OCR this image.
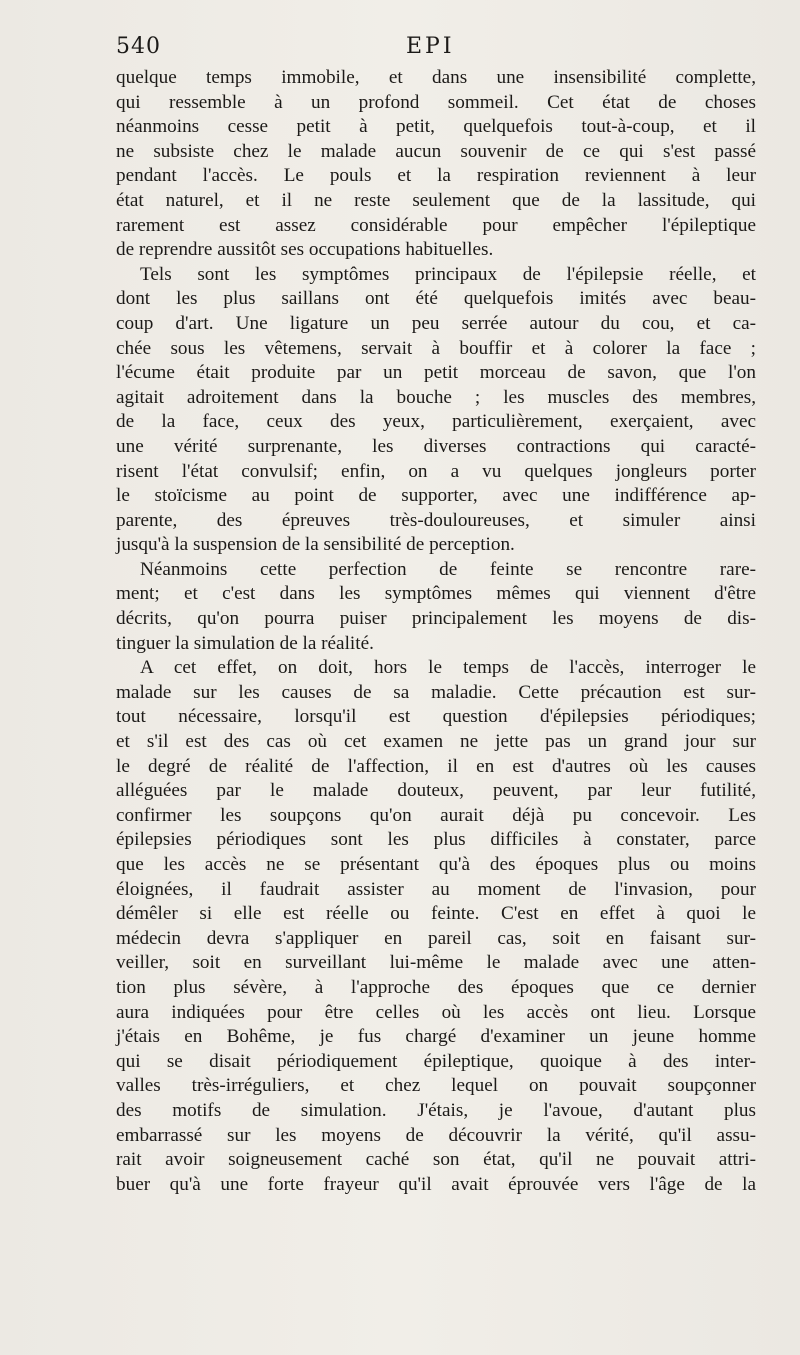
540	EPI
quelque temps immobile, et dans une insensibilité complette,
qui ressemble à un profond sommeil. Cet état de choses
néanmoins cesse petit à petit, quelquefois tout-à-coup, et il
ne subsiste chez le malade aucun souvenir de ce qui s'est passé
pendant l'accès. Le pouls et la respiration reviennent à leur
état naturel, et il ne reste seulement que de la lassitude, qui
rarement est assez considérable pour empêcher l'épileptique
de reprendre aussitôt ses occupations habituelles.
Tels sont les symptômes principaux de l'épilepsie réelle, et
dont les plus saillans ont été quelquefois imités avec beau-
coup d'art. Une ligature un peu serrée autour du cou, et ca-
chée sous les vêtemens, servait à bouffir et à colorer la face ;
l'écume était produite par un petit morceau de savon, que l'on
agitait adroitement dans la bouche ; les muscles des membres,
de la face, ceux des yeux, particulièrement, exerçaient, avec
une vérité surprenante, les diverses contractions qui caracté-
risent l'état convulsif; enfin, on a vu quelques jongleurs porter
le stoïcisme au point de supporter, avec une indifférence ap-
parente, des épreuves très-douloureuses, et simuler ainsi
jusqu'à la suspension de la sensibilité de perception.
Néanmoins cette perfection de feinte se rencontre rare-
ment; et c'est dans les symptômes mêmes qui viennent d'être
décrits, qu'on pourra puiser principalement les moyens de dis-
tinguer la simulation de la réalité.
A cet effet, on doit, hors le temps de l'accès, interroger le
malade sur les causes de sa maladie. Cette précaution est sur-
tout nécessaire, lorsqu'il est question d'épilepsies périodiques;
et s'il est des cas où cet examen ne jette pas un grand jour sur
le degré de réalité de l'affection, il en est d'autres où les causes
alléguées par le malade douteux, peuvent, par leur futilité,
confirmer les soupçons qu'on aurait déjà pu concevoir. Les
épilepsies périodiques sont les plus difficiles à constater, parce
que les accès ne se présentant qu'à des époques plus ou moins
éloignées, il faudrait assister au moment de l'invasion, pour
démêler si elle est réelle ou feinte. C'est en effet à quoi le
médecin devra s'appliquer en pareil cas, soit en faisant sur-
veiller, soit en surveillant lui-même le malade avec une atten-
tion plus sévère, à l'approche des époques que ce dernier
aura indiquées pour être celles où les accès ont lieu. Lorsque
j'étais en Bohême, je fus chargé d'examiner un jeune homme
qui se disait périodiquement épileptique, quoique à des inter-
valles très-irréguliers, et chez lequel on pouvait soupçonner
des motifs de simulation. J'étais, je l'avoue, d'autant plus
embarrassé sur les moyens de découvrir la vérité, qu'il assu-
rait avoir soigneusement caché son état, qu'il ne pouvait attri-
buer qu'à une forte frayeur qu'il avait éprouvée vers l'âge de la
